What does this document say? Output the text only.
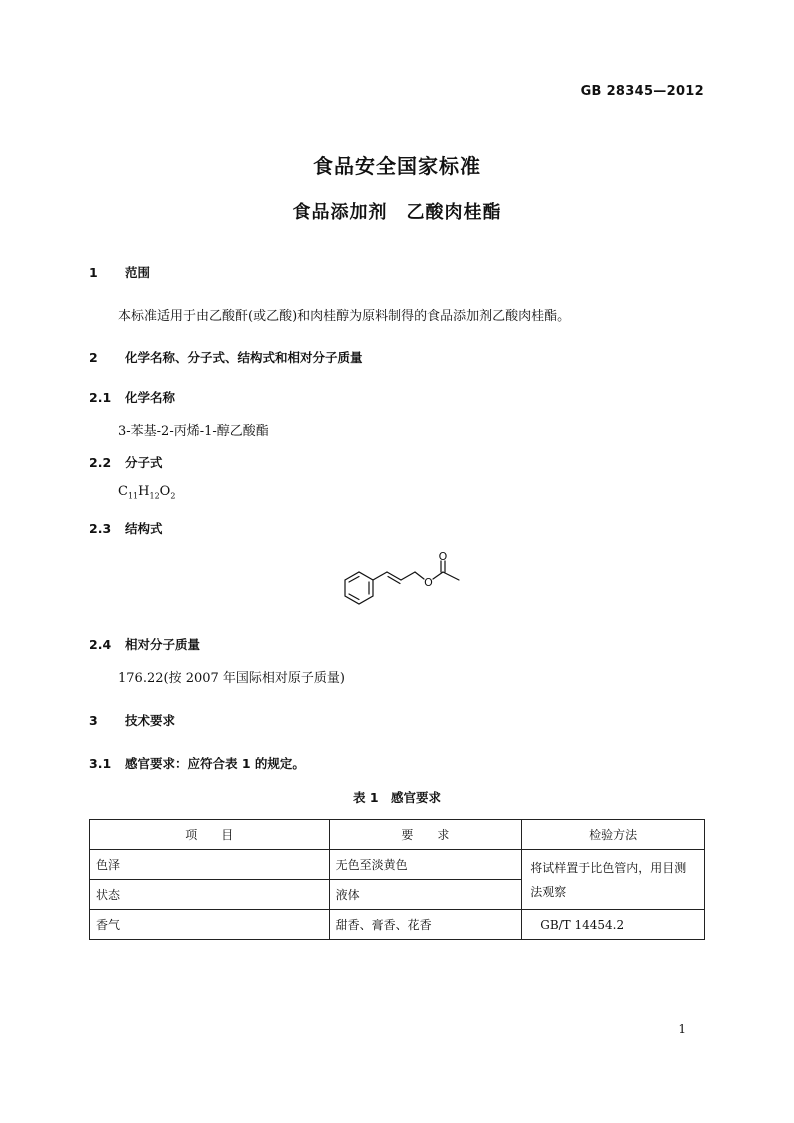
GB 28345—2012
食品安全国家标准
食品添加剂　乙酸肉桂酯
1 范围
本标准适用于由乙酸酐(或乙酸)和肉桂醇为原料制得的食品添加剂乙酸肉桂酯。
2 化学名称、分子式、结构式和相对分子质量
2.1 化学名称
3-苯基-2-丙烯-1-醇乙酸酯
2.2 分子式
$C_{11}H_{12}O_2$
2.3 结构式
O
O
2.4 相对分子质量
176.22(按 2007 年国际相对原子质量)
3 技术要求
3.1 感官要求：应符合表 1 的规定。
表 1　感官要求
项　　目	要　　求	检验方法
色泽	无色至淡黄色	将试样置于比色管内，用目测法观察
状态	液体	
香气	甜香、膏香、花香	GB/T 14454.2
1
